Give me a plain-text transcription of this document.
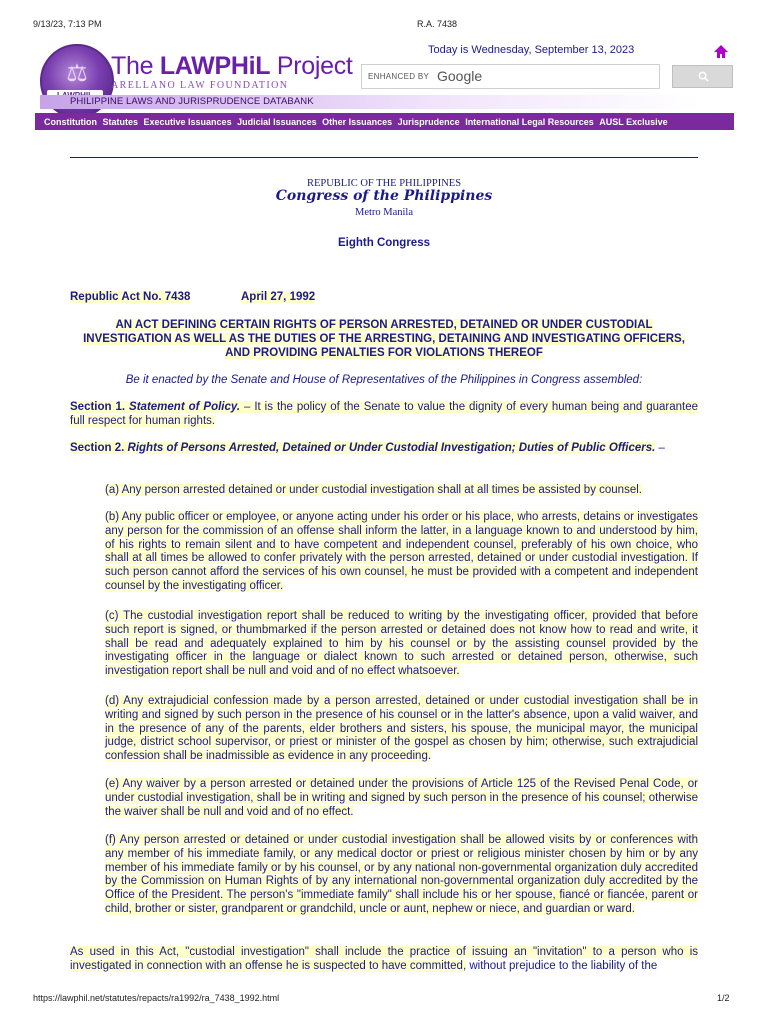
9/13/23, 7:13 PM	R.A. 7438
⚖ The LAWPHiL Project
ARELLANO LAW FOUNDATION
PHILIPPINE LAWS AND JURISPRUDENCE DATABANK
Today is Wednesday, September 13, 2023
ENHANCED BY Google
Constitution Statutes Executive Issuances Judicial Issuances Other Issuances Jurisprudence International Legal Resources AUSL Exclusive
REPUBLIC OF THE PHILIPPINES
Congress of the Philippines
Metro Manila
Eighth Congress
Republic Act No. 7438	April 27, 1992
AN ACT DEFINING CERTAIN RIGHTS OF PERSON ARRESTED, DETAINED OR UNDER CUSTODIAL INVESTIGATION AS WELL AS THE DUTIES OF THE ARRESTING, DETAINING AND INVESTIGATING OFFICERS, AND PROVIDING PENALTIES FOR VIOLATIONS THEREOF
Be it enacted by the Senate and House of Representatives of the Philippines in Congress assembled:
Section 1. Statement of Policy. – It is the policy of the Senate to value the dignity of every human being and guarantee full respect for human rights.
Section 2. Rights of Persons Arrested, Detained or Under Custodial Investigation; Duties of Public Officers. –
(a) Any person arrested detained or under custodial investigation shall at all times be assisted by counsel.
(b) Any public officer or employee, or anyone acting under his order or his place, who arrests, detains or investigates any person for the commission of an offense shall inform the latter, in a language known to and understood by him, of his rights to remain silent and to have competent and independent counsel, preferably of his own choice, who shall at all times be allowed to confer privately with the person arrested, detained or under custodial investigation. If such person cannot afford the services of his own counsel, he must be provided with a competent and independent counsel by the investigating officer.
(c) The custodial investigation report shall be reduced to writing by the investigating officer, provided that before such report is signed, or thumbmarked if the person arrested or detained does not know how to read and write, it shall be read and adequately explained to him by his counsel or by the assisting counsel provided by the investigating officer in the language or dialect known to such arrested or detained person, otherwise, such investigation report shall be null and void and of no effect whatsoever.
(d) Any extrajudicial confession made by a person arrested, detained or under custodial investigation shall be in writing and signed by such person in the presence of his counsel or in the latter's absence, upon a valid waiver, and in the presence of any of the parents, elder brothers and sisters, his spouse, the municipal mayor, the municipal judge, district school supervisor, or priest or minister of the gospel as chosen by him; otherwise, such extrajudicial confession shall be inadmissible as evidence in any proceeding.
(e) Any waiver by a person arrested or detained under the provisions of Article 125 of the Revised Penal Code, or under custodial investigation, shall be in writing and signed by such person in the presence of his counsel; otherwise the waiver shall be null and void and of no effect.
(f) Any person arrested or detained or under custodial investigation shall be allowed visits by or conferences with any member of his immediate family, or any medical doctor or priest or religious minister chosen by him or by any member of his immediate family or by his counsel, or by any national non-governmental organization duly accredited by the Commission on Human Rights of by any international non-governmental organization duly accredited by the Office of the President. The person's "immediate family" shall include his or her spouse, fiancé or fiancée, parent or child, brother or sister, grandparent or grandchild, uncle or aunt, nephew or niece, and guardian or ward.
As used in this Act, "custodial investigation" shall include the practice of issuing an "invitation" to a person who is investigated in connection with an offense he is suspected to have committed, without prejudice to the liability of the
https://lawphil.net/statutes/repacts/ra1992/ra_7438_1992.html	1/2
